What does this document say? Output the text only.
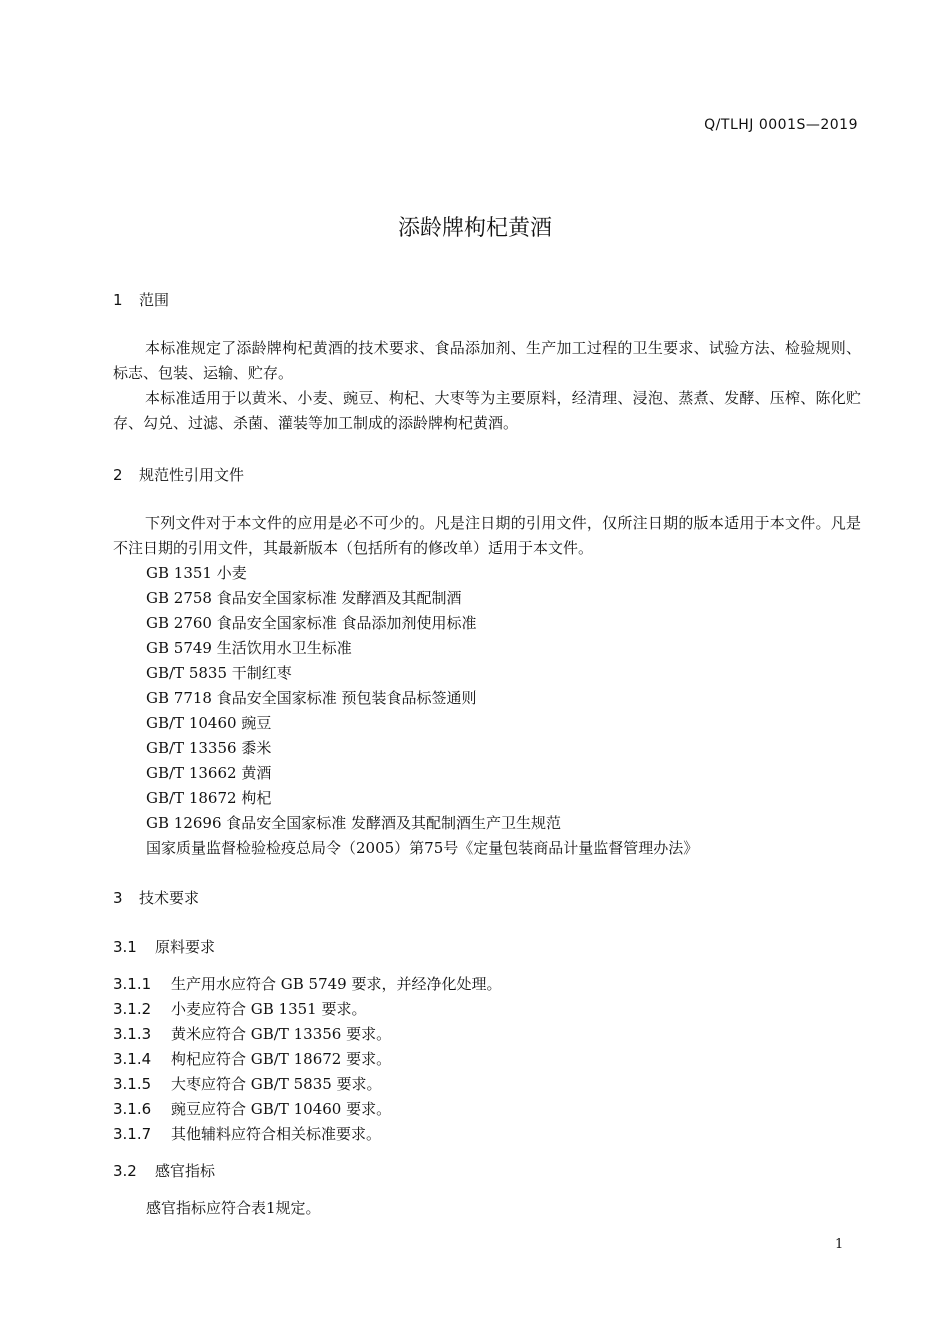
Q/TLHJ 0001S—2019
添龄牌枸杞黄酒
1 范围
本标准规定了添龄牌枸杞黄酒的技术要求、食品添加剂、生产加工过程的卫生要求、试验方法、检验规则、标志、包装、运输、贮存。
本标准适用于以黄米、小麦、豌豆、枸杞、大枣等为主要原料，经清理、浸泡、蒸煮、发酵、压榨、陈化贮存、勾兑、过滤、杀菌、灌装等加工制成的添龄牌枸杞黄酒。
2 规范性引用文件
下列文件对于本文件的应用是必不可少的。凡是注日期的引用文件，仅所注日期的版本适用于本文件。凡是不注日期的引用文件，其最新版本（包括所有的修改单）适用于本文件。
GB 1351 小麦
GB 2758 食品安全国家标准 发酵酒及其配制酒
GB 2760 食品安全国家标准 食品添加剂使用标准
GB 5749 生活饮用水卫生标准
GB/T 5835 干制红枣
GB 7718 食品安全国家标准 预包装食品标签通则
GB/T 10460 豌豆
GB/T 13356 黍米
GB/T 13662 黄酒
GB/T 18672 枸杞
GB 12696 食品安全国家标准 发酵酒及其配制酒生产卫生规范
国家质量监督检验检疫总局令（2005）第75号《定量包装商品计量监督管理办法》
3 技术要求
3.1 原料要求
3.1.1 生产用水应符合 GB 5749 要求，并经净化处理。
3.1.2 小麦应符合 GB 1351 要求。
3.1.3 黄米应符合 GB/T 13356 要求。
3.1.4 枸杞应符合 GB/T 18672 要求。
3.1.5 大枣应符合 GB/T 5835 要求。
3.1.6 豌豆应符合 GB/T 10460 要求。
3.1.7 其他辅料应符合相关标准要求。
3.2 感官指标
感官指标应符合表1规定。
1
